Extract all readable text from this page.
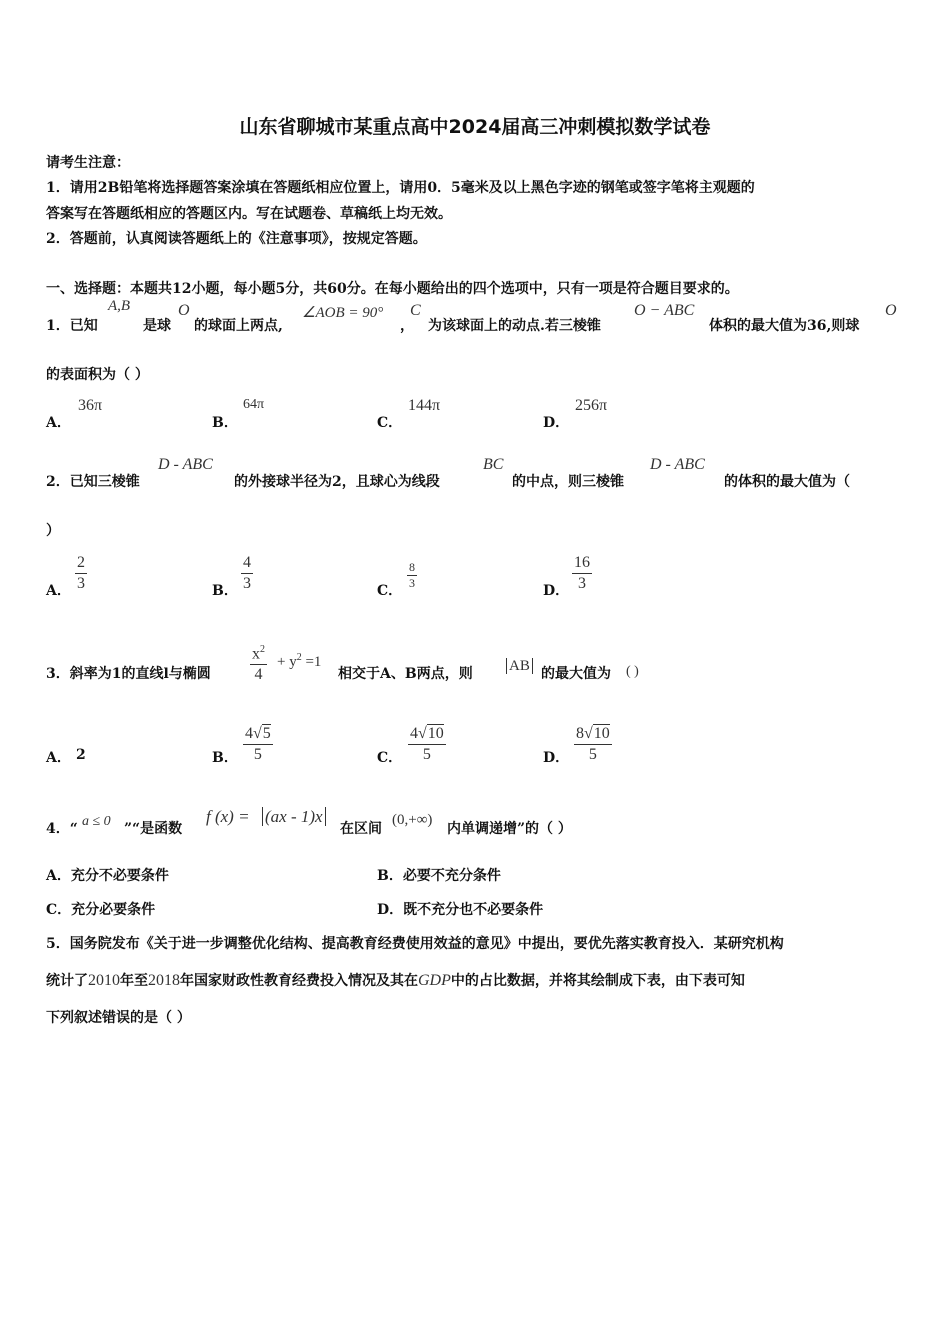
山东省聊城市某重点高中2024届高三冲刺模拟数学试卷
请考生注意：
1．请用2B铅笔将选择题答案涂填在答题纸相应位置上，请用0．5毫米及以上黑色字迹的钢笔或签字笔将主观题的
答案写在答题纸相应的答题区内。写在试题卷、草稿纸上均无效。
2．答题前，认真阅读答题纸上的《注意事项》，按规定答题。
一、选择题：本题共12小题，每小题5分，共60分。在每小题给出的四个选项中，只有一项是符合题目要求的。
1．已知
A,B
是球
O
的球面上两点,
∠AOB = 90°
，
C
为该球面上的动点.若三棱锥
O − ABC
体积的最大值为36,则球
O
的表面积为（ ）
A．
36π
B．
64π
C．
144π
D．
256π
2．已知三棱锥
D - ABC
的外接球半径为2，且球心为线段
BC
的中点，则三棱锥
D - ABC
的体积的最大值为（
）
A． $\frac{2}{3}$	B． $\frac{4}{3}$	C． $\frac{8}{3}$	D． $\frac{16}{3}$
3．斜率为1的直线l与椭圆 $\frac{x^2}{4} + y^2 =1$
相交于A、B两点，则 AB 的最大值为 ( )
A． 2	B． $\frac{4√5}{5}$	C． $\frac{4√10}{5}$	D． $\frac{8√10}{5}$
4．“ a ≤ 0 ”“是函数
f (x) = (ax - 1)x
在区间
(0,+∞)
内单调递增”的（ ）
A．充分不必要条件	B．必要不充分条件
C．充分必要条件	D．既不充分也不必要条件
5．国务院发布《关于进一步调整优化结构、提高教育经费使用效益的意见》中提出，要优先落实教育投入．某研究机构
统计了2010年至2018年国家财政性教育经费投入情况及其在GDP中的占比数据，并将其绘制成下表，由下表可知
下列叙述错误的是（ ）
